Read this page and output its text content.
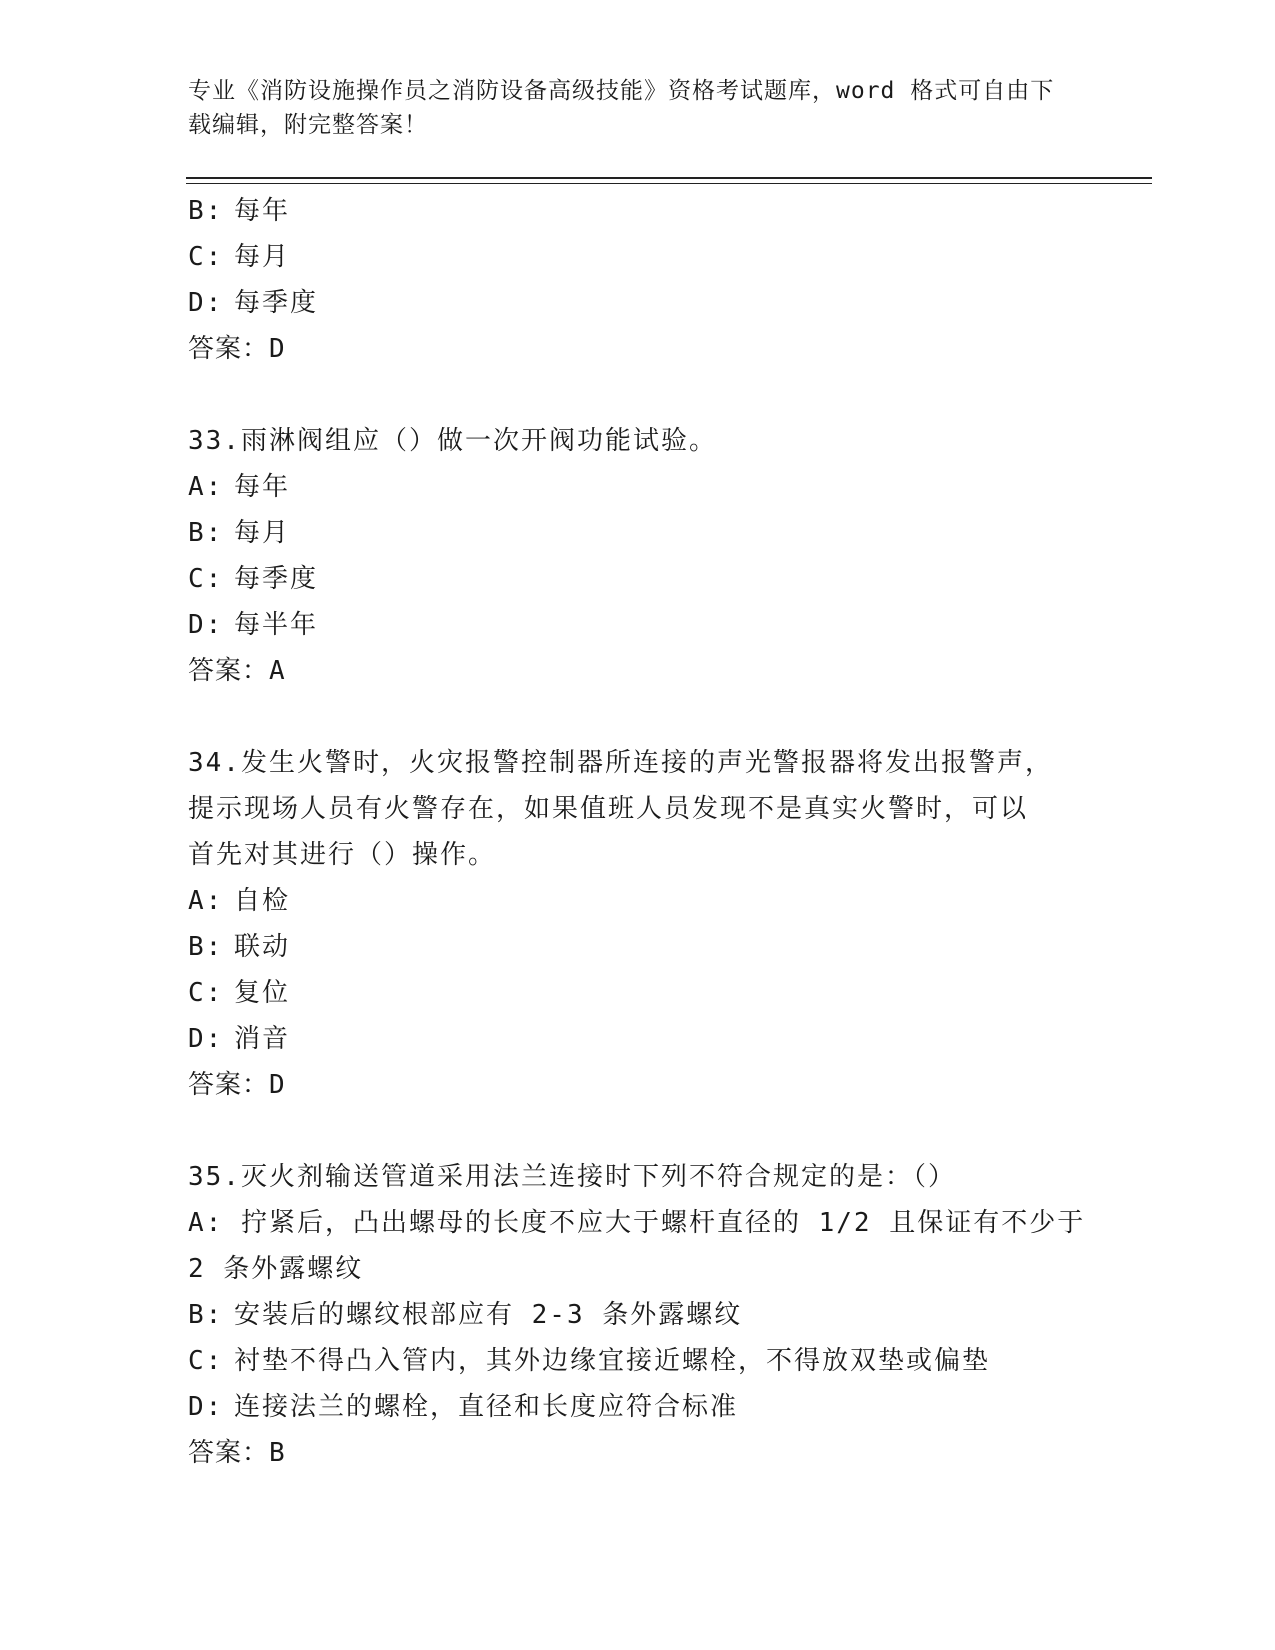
专业《消防设施操作员之消防设备高级技能》资格考试题库，word 格式可自由下
载编辑，附完整答案！
B: 每年
C: 每月
D: 每季度
答案：D
33.雨淋阀组应（）做一次开阀功能试验。
A: 每年
B: 每月
C: 每季度
D: 每半年
答案：A
34.发生火警时，火灾报警控制器所连接的声光警报器将发出报警声，
提示现场人员有火警存在，如果值班人员发现不是真实火警时，可以
首先对其进行（）操作。
A: 自检
B: 联动
C: 复位
D: 消音
答案：D
35.灭火剂输送管道采用法兰连接时下列不符合规定的是：（）
A: 拧紧后，凸出螺母的长度不应大于螺杆直径的 1/2 且保证有不少于
2 条外露螺纹
B: 安装后的螺纹根部应有 2-3 条外露螺纹
C: 衬垫不得凸入管内，其外边缘宜接近螺栓，不得放双垫或偏垫
D: 连接法兰的螺栓，直径和长度应符合标准
答案：B
